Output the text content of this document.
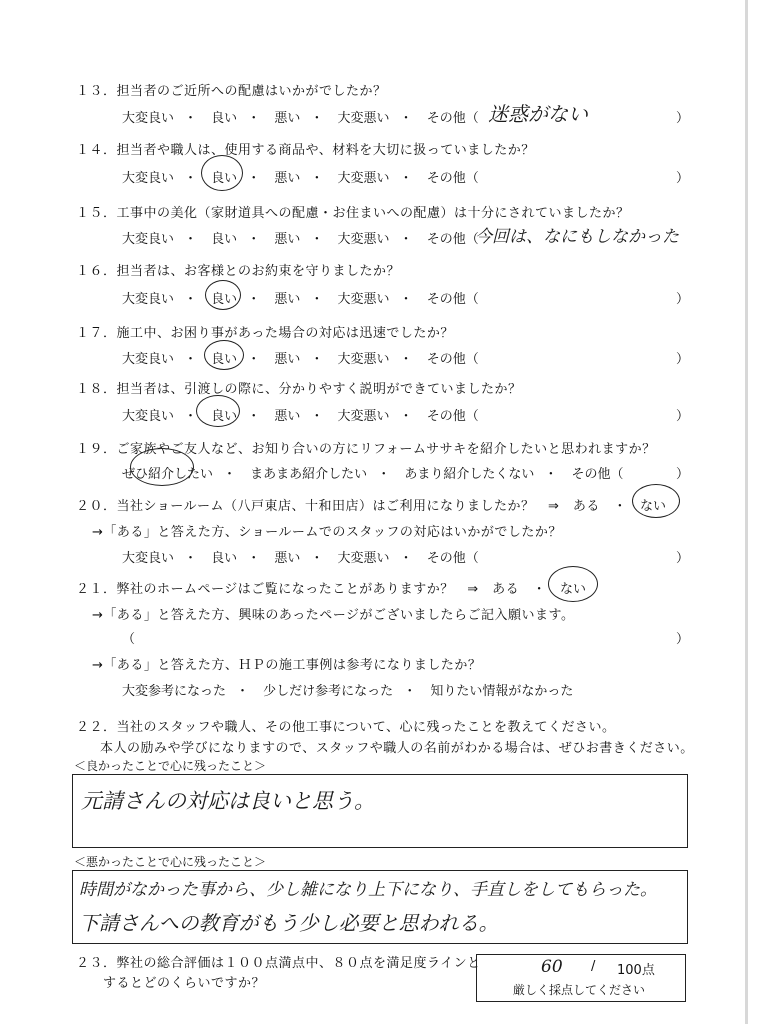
１３．担当者のご近所への配慮はいかがでしたか？
大変良い ・ 良い ・ 悪い ・ 大変悪い ・ その他（ 迷惑がない	）
１４．担当者や職人は、使用する商品や、材料を大切に扱っていましたか？
大変良い ・ 良い ・ 悪い ・ 大変悪い ・ その他（	）
１５．工事中の美化（家財道具への配慮・お住まいへの配慮）は十分にされていましたか？
大変良い ・ 良い ・ 悪い ・ 大変悪い ・ その他（
今回は、なにもしなかった
１６．担当者は、お客様とのお約束を守りましたか？
大変良い ・ 良い ・ 悪い ・ 大変悪い ・ その他（	）
１７．施工中、お困り事があった場合の対応は迅速でしたか？
大変良い ・ 良い ・ 悪い ・ 大変悪い ・ その他（	）
１８．担当者は、引渡しの際に、分かりやすく説明ができていましたか？
大変良い ・ 良い ・ 悪い ・ 大変悪い ・ その他（	）
１９．ご家族やご友人など、お知り合いの方にリフォームササキを紹介したいと思われますか？
ぜひ紹介したい ・ まあまあ紹介したい ・ あまり紹介したくない ・ その他（	）
２０．当社ショールーム（八戸東店、十和田店）はご利用になりましたか？　⇒　ある　・ ない
→「ある」と答えた方、ショールームでのスタッフの対応はいかがでしたか？
大変良い ・ 良い ・ 悪い ・ 大変悪い ・ その他（	）
２１．弊社のホームページはご覧になったことがありますか？　⇒　ある　・ ない
→「ある」と答えた方、興味のあったページがございましたらご記入願います。
（	）
→「ある」と答えた方、ＨＰの施工事例は参考になりましたか？
大変参考になった ・ 少しだけ参考になった ・ 知りたい情報がなかった
２２．当社のスタッフや職人、その他工事について、心に残ったことを教えてください。
本人の励みや学びになりますので、スタッフや職人の名前がわかる場合は、ぜひお書きください。
＜良かったことで心に残ったこと＞
元請さんの対応は良いと思う。
＜悪かったことで心に残ったこと＞
時間がなかった事から、少し雑になり上下になり、手直しをしてもらった。
下請さんへの教育がもう少し必要と思われる。
２３．弊社の総合評価は１００点満点中、８０点を満足度ラインと
　　するとどのくらいですか？
60 / 100点
厳しく採点してください
